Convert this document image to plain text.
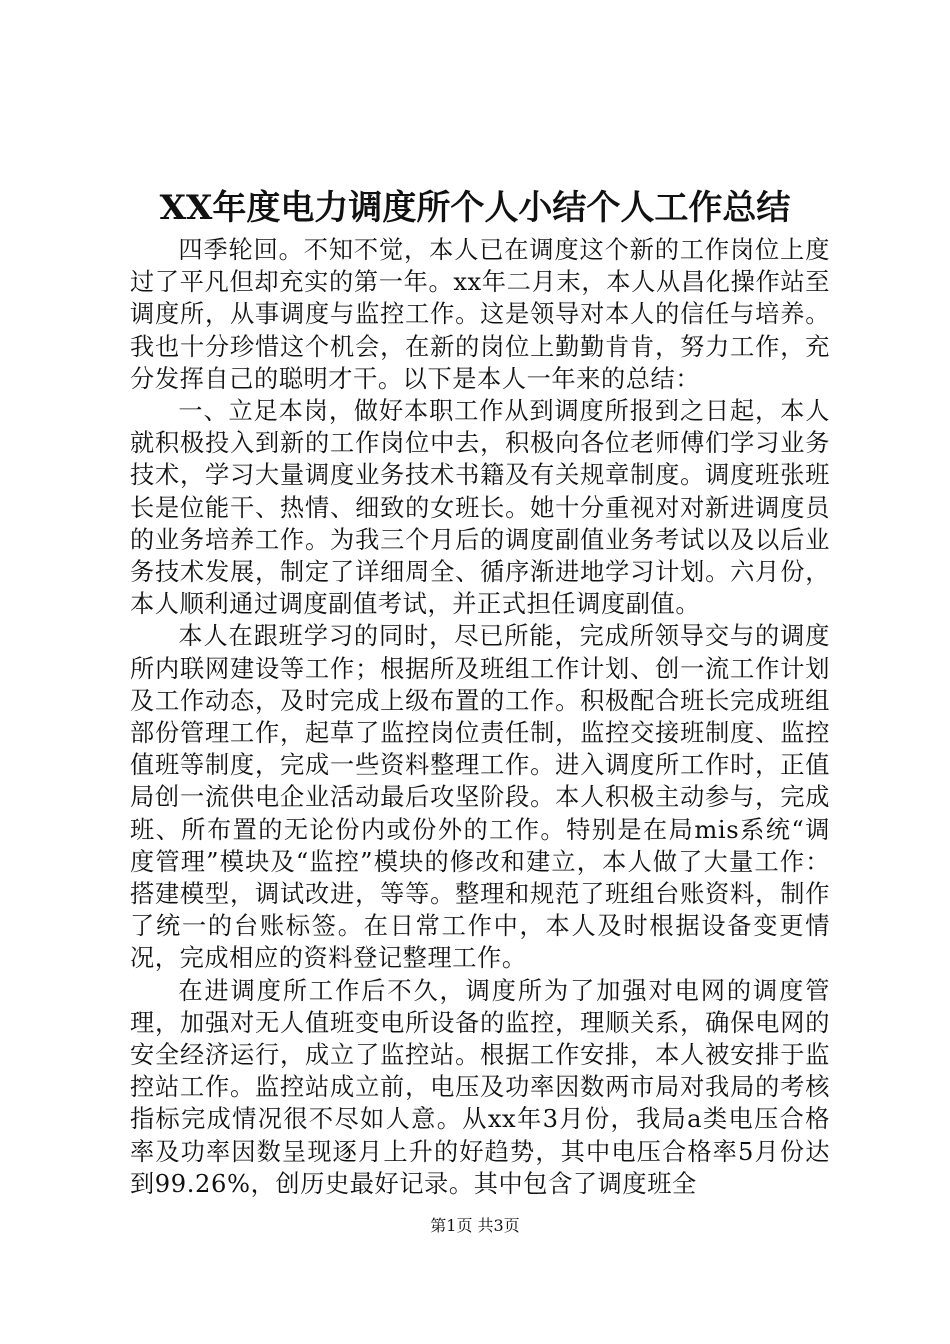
XX年度电力调度所个人小结个人工作总结

四季轮回。不知不觉，本人已在调度这个新的工作岗位上度过了平凡但却充实的第一年。xx年二月末，本人从昌化操作站至调度所，从事调度与监控工作。这是领导对本人的信任与培养。我也十分珍惜这个机会，在新的岗位上勤勤肯肯，努力工作，充分发挥自己的聪明才干。以下是本人一年来的总结：

一、立足本岗，做好本职工作从到调度所报到之日起，本人就积极投入到新的工作岗位中去，积极向各位老师傅们学习业务技术，学习大量调度业务技术书籍及有关规章制度。调度班张班长是位能干、热情、细致的女班长。她十分重视对对新进调度员的业务培养工作。为我三个月后的调度副值业务考试以及以后业务技术发展，制定了详细周全、循序渐进地学习计划。六月份，本人顺利通过调度副值考试，并正式担任调度副值。

本人在跟班学习的同时，尽已所能，完成所领导交与的调度所内联网建设等工作；根据所及班组工作计划、创一流工作计划及工作动态，及时完成上级布置的工作。积极配合班长完成班组部份管理工作，起草了监控岗位责任制，监控交接班制度、监控值班等制度，完成一些资料整理工作。进入调度所工作时，正值局创一流供电企业活动最后攻坚阶段。本人积极主动参与，完成班、所布置的无论份内或份外的工作。特别是在局mis系统“调度管理”模块及“监控”模块的修改和建立，本人做了大量工作：搭建模型，调试改进，等等。整理和规范了班组台账资料，制作了统一的台账标签。在日常工作中，本人及时根据设备变更情况，完成相应的资料登记整理工作。

在进调度所工作后不久，调度所为了加强对电网的调度管理，加强对无人值班变电所设备的监控，理顺关系，确保电网的安全经济运行，成立了监控站。根据工作安排，本人被安排于监控站工作。监控站成立前，电压及功率因数两市局对我局的考核指标完成情况很不尽如人意。从xx年3月份，我局a类电压合格率及功率因数呈现逐月上升的好趋势，其中电压合格率5月份达到99.26%，创历史最好记录。其中包含了调度班全

第1页 共3页
